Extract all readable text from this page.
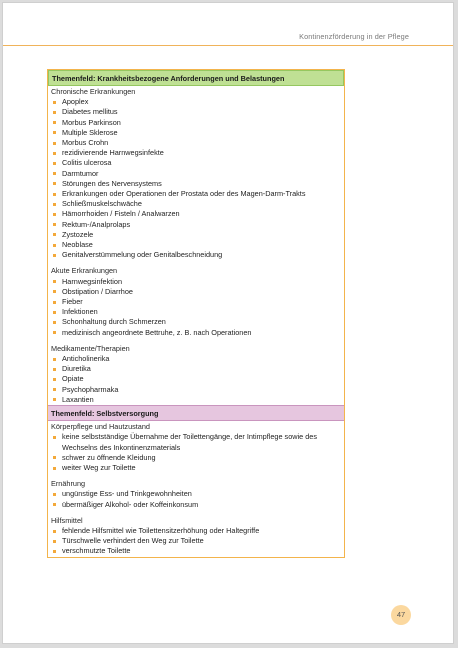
Kontinenzförderung in der Pflege
Themenfeld: Krankheitsbezogene Anforderungen und Belastungen
Chronische Erkrankungen
Apoplex
Diabetes mellitus
Morbus Parkinson
Multiple Sklerose
Morbus Crohn
rezidivierende Harnwegsinfekte
Colitis ulcerosa
Darmtumor
Störungen des Nervensystems
Erkrankungen oder Operationen der Prostata oder des Magen-Darm-Trakts
Schließmuskelschwäche
Hämorrhoiden / Fisteln / Analwarzen
Rektum-/Analprolaps
Zystozele
Neoblase
Genitalverstümmelung oder Genitalbeschneidung
Akute Erkrankungen
Harnwegsinfektion
Obstipation / Diarrhoe
Fieber
Infektionen
Schonhaltung durch Schmerzen
medizinisch angeordnete Bettruhe, z. B. nach Operationen
Medikamente/Therapien
Anticholinerika
Diuretika
Opiate
Psychopharmaka
Laxantien
Themenfeld: Selbstversorgung
Körperpflege und Hautzustand
keine selbstständige Übernahme der Toilettengänge, der Intimpflege sowie des Wechselns des Inkontinenzmaterials
schwer zu öffnende Kleidung
weiter Weg zur Toilette
Ernährung
ungünstige Ess- und Trinkgewohnheiten
übermäßiger Alkohol- oder Koffeinkonsum
Hilfsmittel
fehlende Hilfsmittel wie Toilettensitzerhöhung oder Haltegriffe
Türschwelle verhindert den Weg zur Toilette
verschmutzte Toilette
47
